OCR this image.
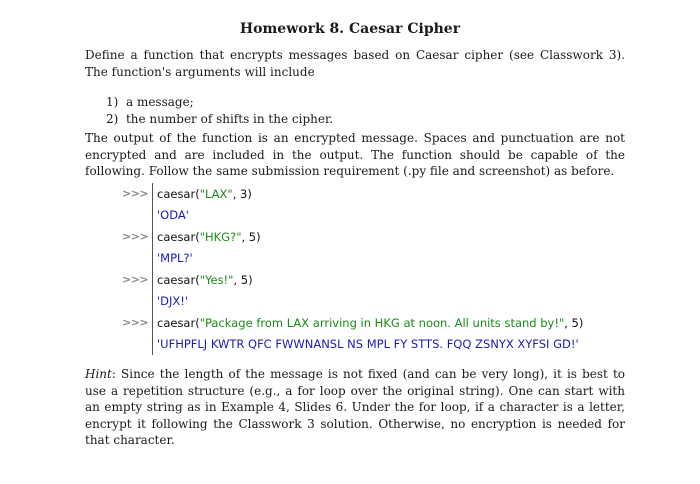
Homework 8. Caesar Cipher

Define a function that encrypts messages based on Caesar cipher (see Classwork 3). The function's arguments will include

1) a message;
2) the number of shifts in the cipher.

The output of the function is an encrypted message. Spaces and punctuation are not encrypted and are included in the output. The function should be capable of the following. Follow the same submission requirement (.py file and screenshot) as before.

>>> caesar( "LAX" , 3)
'ODA'
>>> caesar( "HKG?" , 5)
'MPL?'
>>> caesar( "Yes!" , 5)
'DJX!'
>>> caesar( "Package from LAX arriving in HKG at noon. All units stand by!" , 5)
'UFHPFLJ KWTR QFC FWWNANSL NS MPL FY STTS. FQQ ZSNYX XYFSI GD!'

Hint: Since the length of the message is not fixed (and can be very long), it is best to use a repetition structure (e.g., a for loop over the original string). One can start with an empty string as in Example 4, Slides 6. Under the for loop, if a character is a letter, encrypt it following the Classwork 3 solution. Otherwise, no encryption is needed for that character.
